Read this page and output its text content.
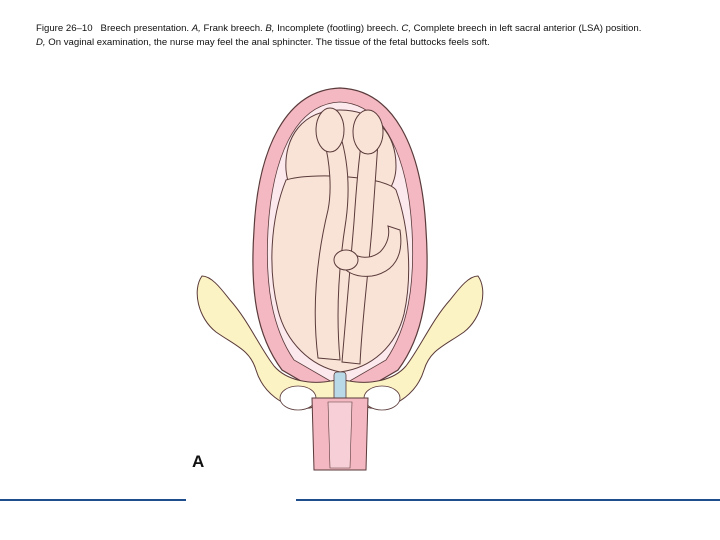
Figure 26–10 Breech presentation. A, Frank breech. B, Incomplete (footling) breech. C, Complete breech in left sacral anterior (LSA) position.
D, On vaginal examination, the nurse may feel the anal sphincter. The tissue of the fetal buttocks feels soft.

A
